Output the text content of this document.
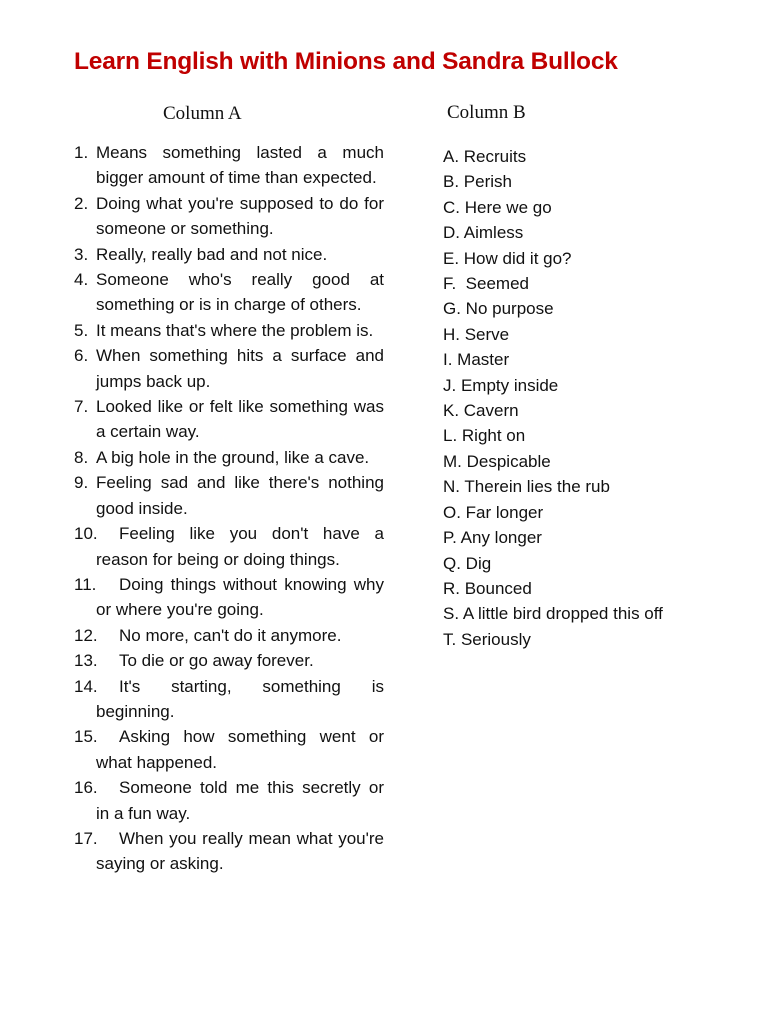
Learn English with Minions and Sandra Bullock
Column A	Column B
1. Means something lasted a much bigger amount of time than expected.
2. Doing what you're supposed to do for someone or something.
3. Really, really bad and not nice.
4. Someone who's really good at something or is in charge of others.
5. It means that's where the problem is.
6. When something hits a surface and jumps back up.
7. Looked like or felt like something was a certain way.
8. A big hole in the ground, like a cave.
9. Feeling sad and like there's nothing good inside.
10. Feeling like you don't have a reason for being or doing things.
11. Doing things without knowing why or where you're going.
12. No more, can't do it anymore.
13. To die or go away forever.
14. It's starting, something is beginning.
15. Asking how something went or what happened.
16. Someone told me this secretly or in a fun way.
17. When you really mean what you're saying or asking.
A. Recruits
B. Perish
C. Here we go
D. Aimless
E. How did it go?
F.  Seemed
G. No purpose
H. Serve
I. Master
J. Empty inside
K. Cavern
L. Right on
M. Despicable
N. Therein lies the rub
O. Far longer
P. Any longer
Q. Dig
R. Bounced
S. A little bird dropped this off
T. Seriously
